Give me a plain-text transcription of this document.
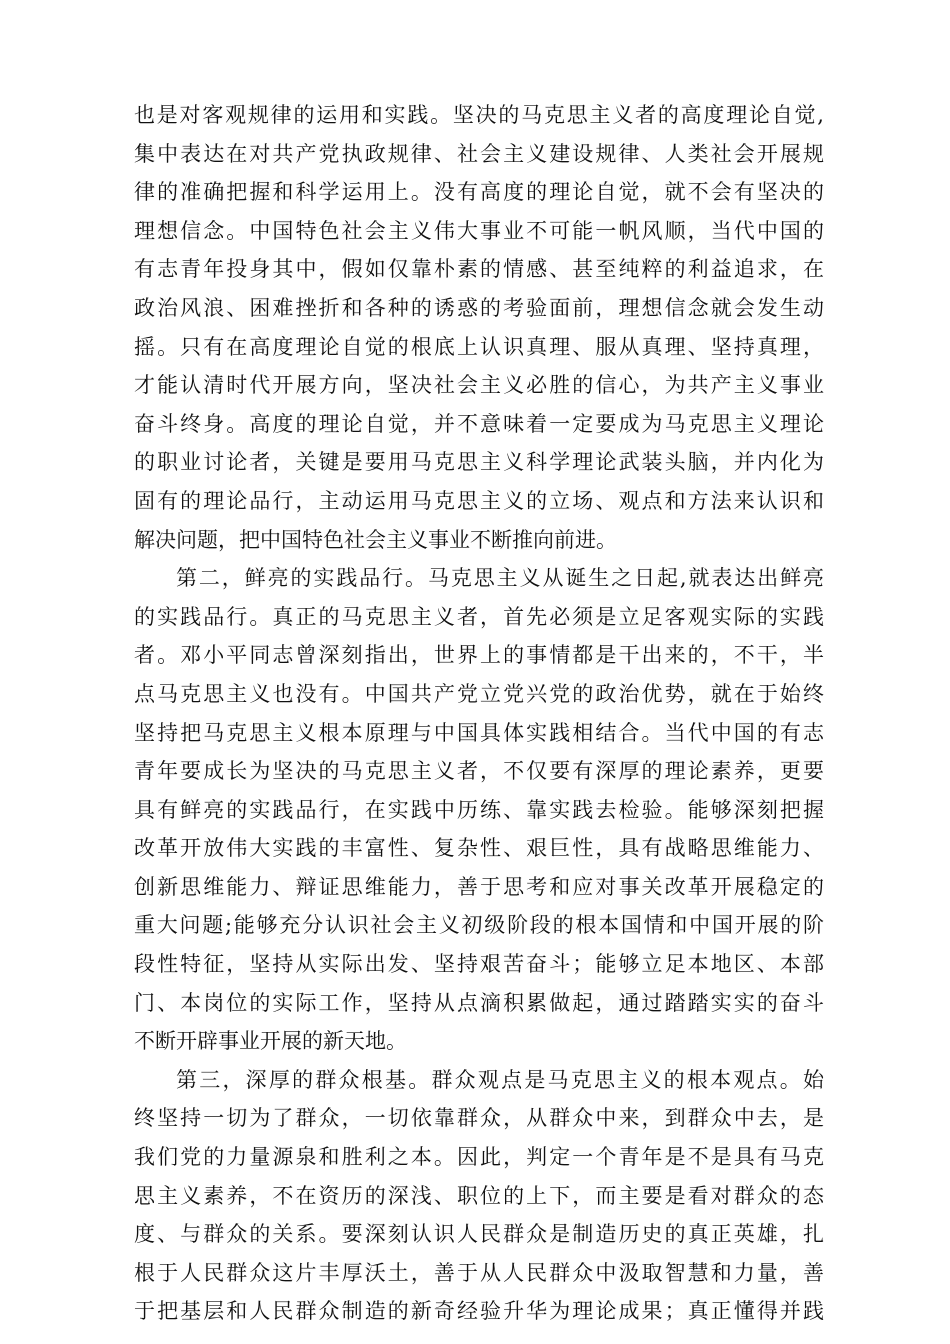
也是对客观规律的运用和实践。坚决的马克思主义者的高度理论自觉,
集中表达在对共产党执政规律、社会主义建设规律、人类社会开展规
律的准确把握和科学运用上。没有高度的理论自觉，就不会有坚决的
理想信念。中国特色社会主义伟大事业不可能一帆风顺，当代中国的
有志青年投身其中，假如仅靠朴素的情感、甚至纯粹的利益追求，在
政治风浪、困难挫折和各种的诱惑的考验面前，理想信念就会发生动
摇。只有在高度理论自觉的根底上认识真理、服从真理、坚持真理，
才能认清时代开展方向，坚决社会主义必胜的信心，为共产主义事业
奋斗终身。高度的理论自觉，并不意味着一定要成为马克思主义理论
的职业讨论者，关键是要用马克思主义科学理论武装头脑，并内化为
固有的理论品行，主动运用马克思主义的立场、观点和方法来认识和
解决问题，把中国特色社会主义事业不断推向前进。
第二，鲜亮的实践品行。马克思主义从诞生之日起,就表达出鲜亮
的实践品行。真正的马克思主义者，首先必须是立足客观实际的实践
者。邓小平同志曾深刻指出，世界上的事情都是干出来的，不干，半
点马克思主义也没有。中国共产党立党兴党的政治优势，就在于始终
坚持把马克思主义根本原理与中国具体实践相结合。当代中国的有志
青年要成长为坚决的马克思主义者，不仅要有深厚的理论素养，更要
具有鲜亮的实践品行，在实践中历练、靠实践去检验。能够深刻把握
改革开放伟大实践的丰富性、复杂性、艰巨性，具有战略思维能力、
创新思维能力、辩证思维能力，善于思考和应对事关改革开展稳定的
重大问题;能够充分认识社会主义初级阶段的根本国情和中国开展的阶
段性特征，坚持从实际出发、坚持艰苦奋斗；能够立足本地区、本部
门、本岗位的实际工作，坚持从点滴积累做起，通过踏踏实实的奋斗
不断开辟事业开展的新天地。
第三，深厚的群众根基。群众观点是马克思主义的根本观点。始
终坚持一切为了群众，一切依靠群众，从群众中来，到群众中去，是
我们党的力量源泉和胜利之本。因此，判定一个青年是不是具有马克
思主义素养，不在资历的深浅、职位的上下，而主要是看对群众的态
度、与群众的关系。要深刻认识人民群众是制造历史的真正英雄，扎
根于人民群众这片丰厚沃土，善于从人民群众中汲取智慧和力量，善
于把基层和人民群众制造的新奇经验升华为理论成果；真正懂得并践
